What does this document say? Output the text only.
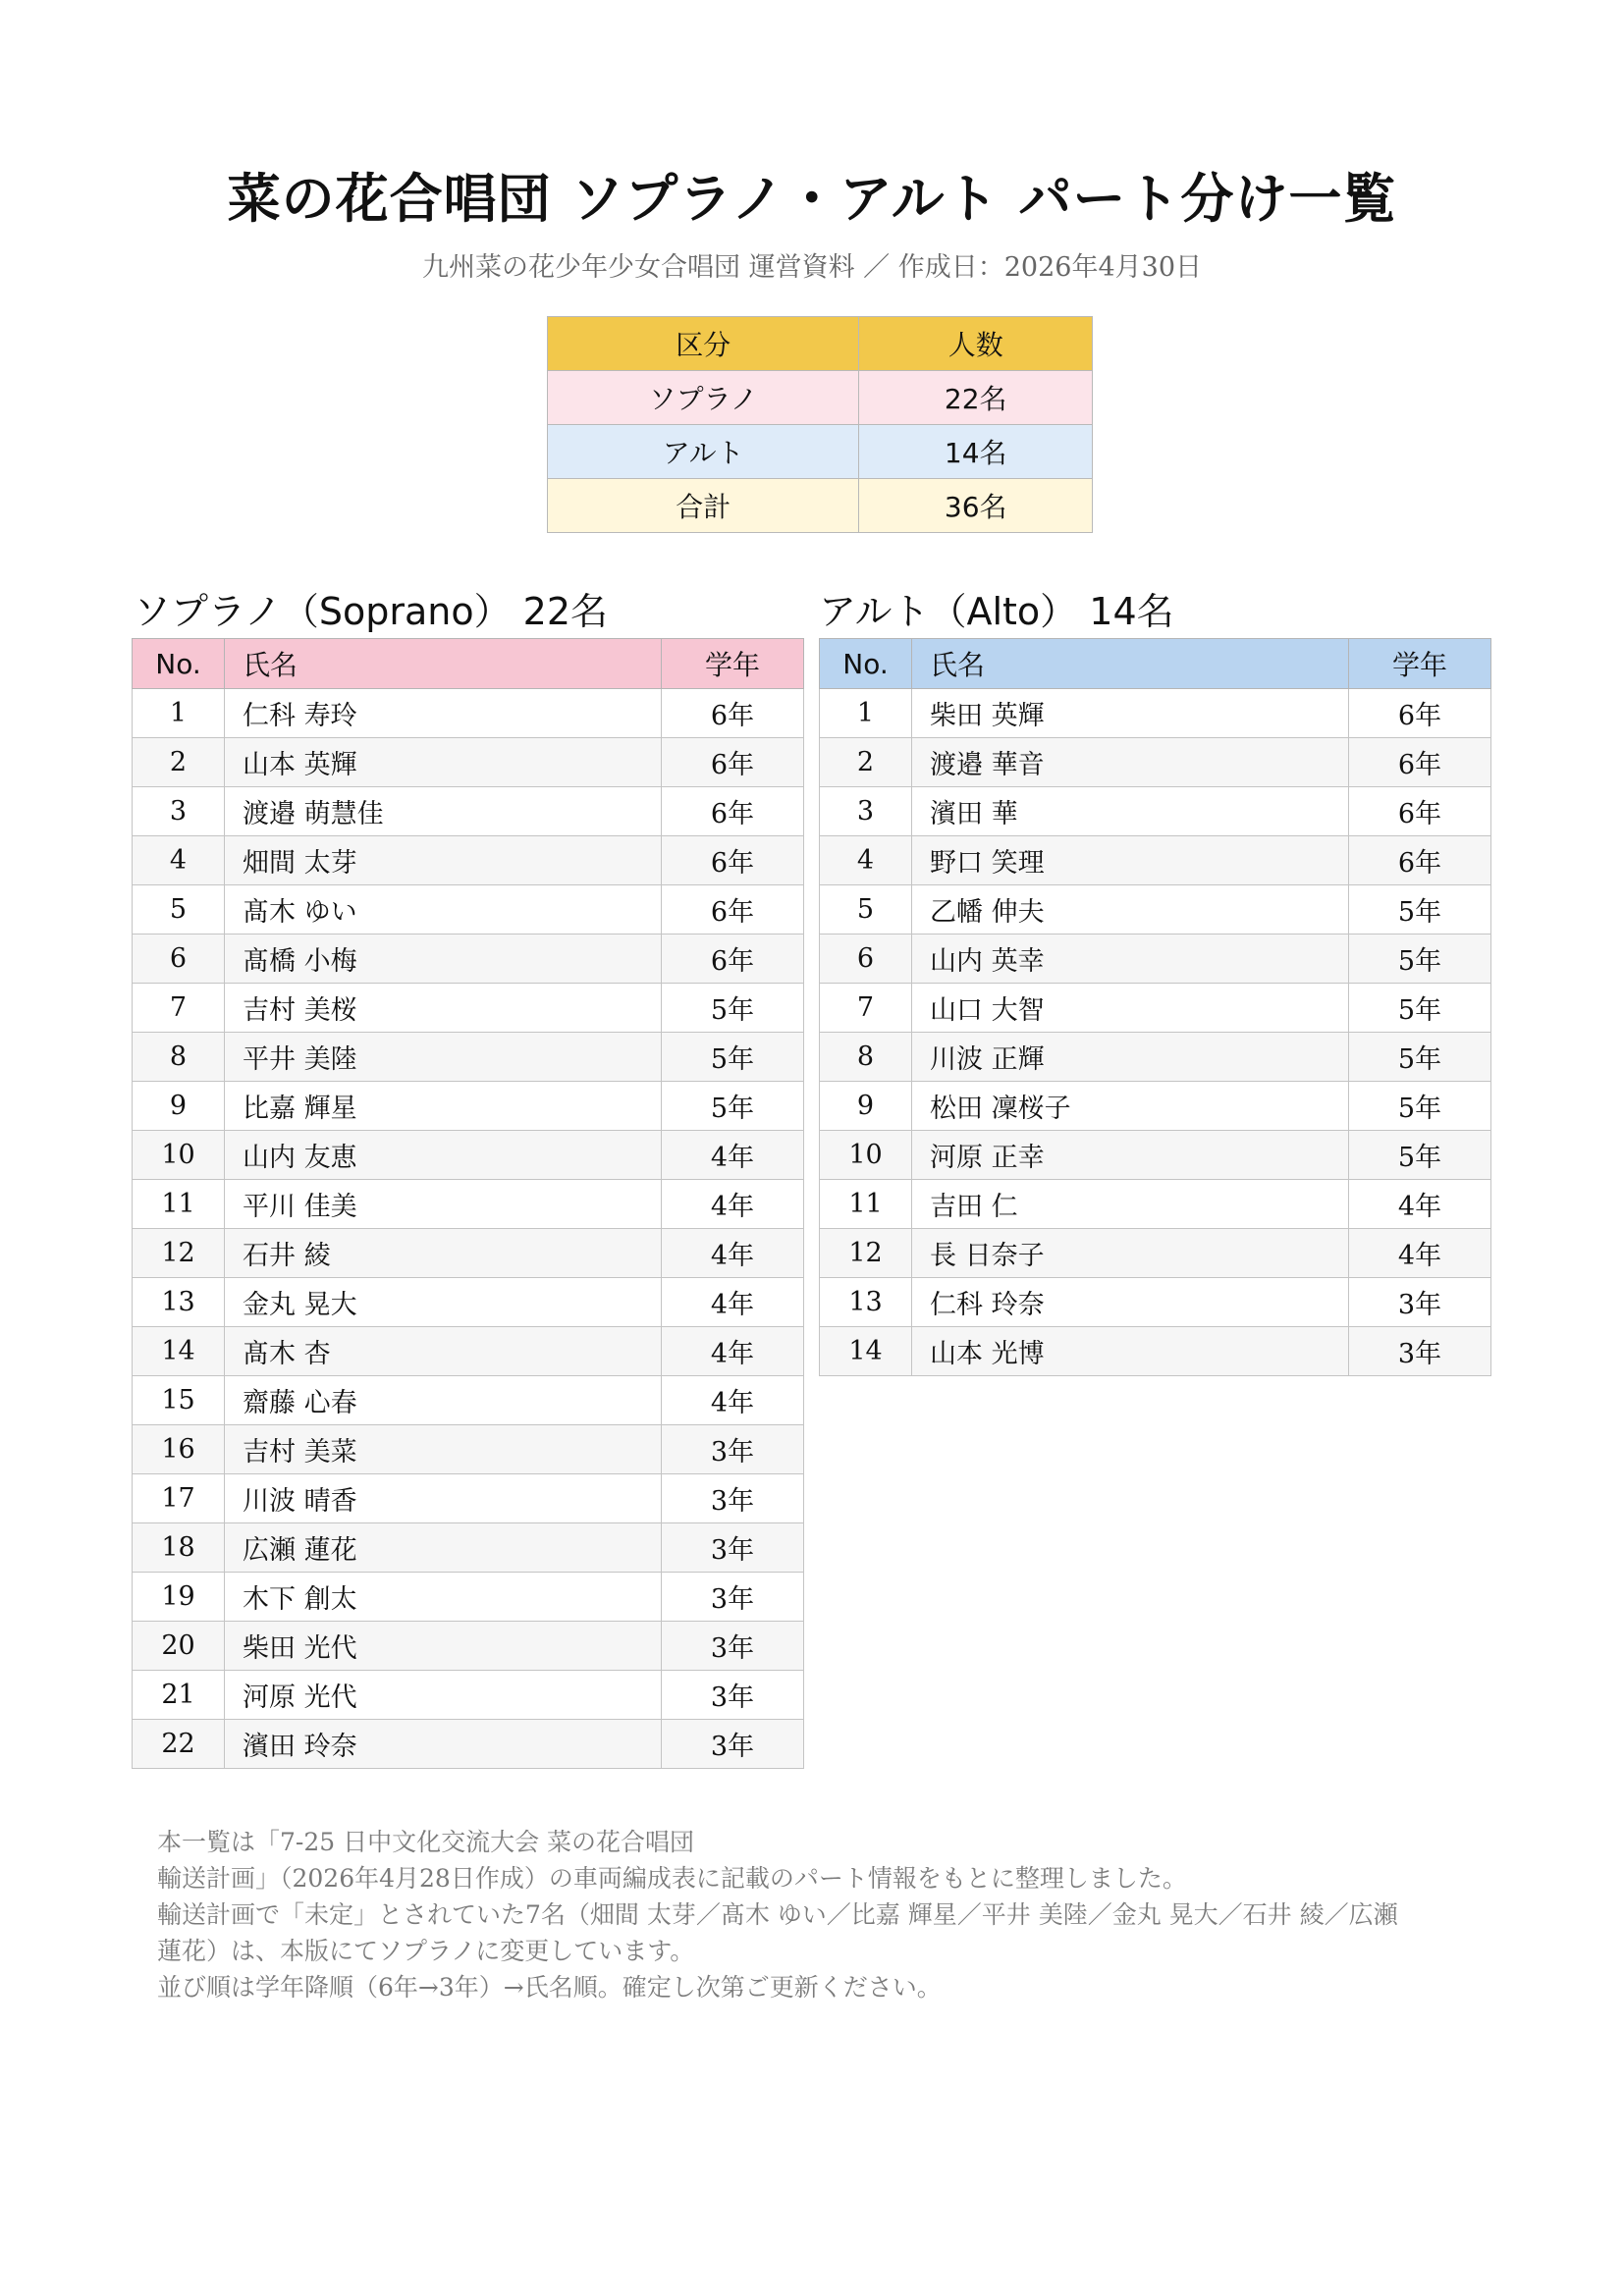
菜の花合唱団 ソプラノ・アルト パート分け一覧
九州菜の花少年少女合唱団 運営資料 ／ 作成日：2026年4月30日
区分	人数
ソプラノ	22名
アルト	14名
合計	36名
ソプラノ（Soprano） 22名	アルト（Alto） 14名
No.	氏名	学年
1	仁科 寿玲	6年
2	山本 英輝	6年
3	渡邉 萌慧佳	6年
4	畑間 太芽	6年
5	髙木 ゆい	6年
6	髙橋 小梅	6年
7	吉村 美桜	5年
8	平井 美陸	5年
9	比嘉 輝星	5年
10	山内 友恵	4年
11	平川 佳美	4年
12	石井 綾	4年
13	金丸 晃大	4年
14	髙木 杏	4年
15	齋藤 心春	4年
16	吉村 美菜	3年
17	川波 晴香	3年
18	広瀬 蓮花	3年
19	木下 創太	3年
20	柴田 光代	3年
21	河原 光代	3年
22	濱田 玲奈	3年
No.	氏名	学年
1	柴田 英輝	6年
2	渡邉 華音	6年
3	濱田 華	6年
4	野口 笑理	6年
5	乙幡 伸夫	5年
6	山内 英幸	5年
7	山口 大智	5年
8	川波 正輝	5年
9	松田 凜桜子	5年
10	河原 正幸	5年
11	吉田 仁	4年
12	長 日奈子	4年
13	仁科 玲奈	3年
14	山本 光博	3年
本一覧は「7-25 日中文化交流大会 菜の花合唱団
輸送計画」（2026年4月28日作成）の車両編成表に記載のパート情報をもとに整理しました。
輸送計画で「未定」とされていた7名（畑間 太芽／髙木 ゆい／比嘉 輝星／平井 美陸／金丸 晃大／石井 綾／広瀬
蓮花）は、本版にてソプラノに変更しています。
並び順は学年降順（6年→3年）→氏名順。確定し次第ご更新ください。
